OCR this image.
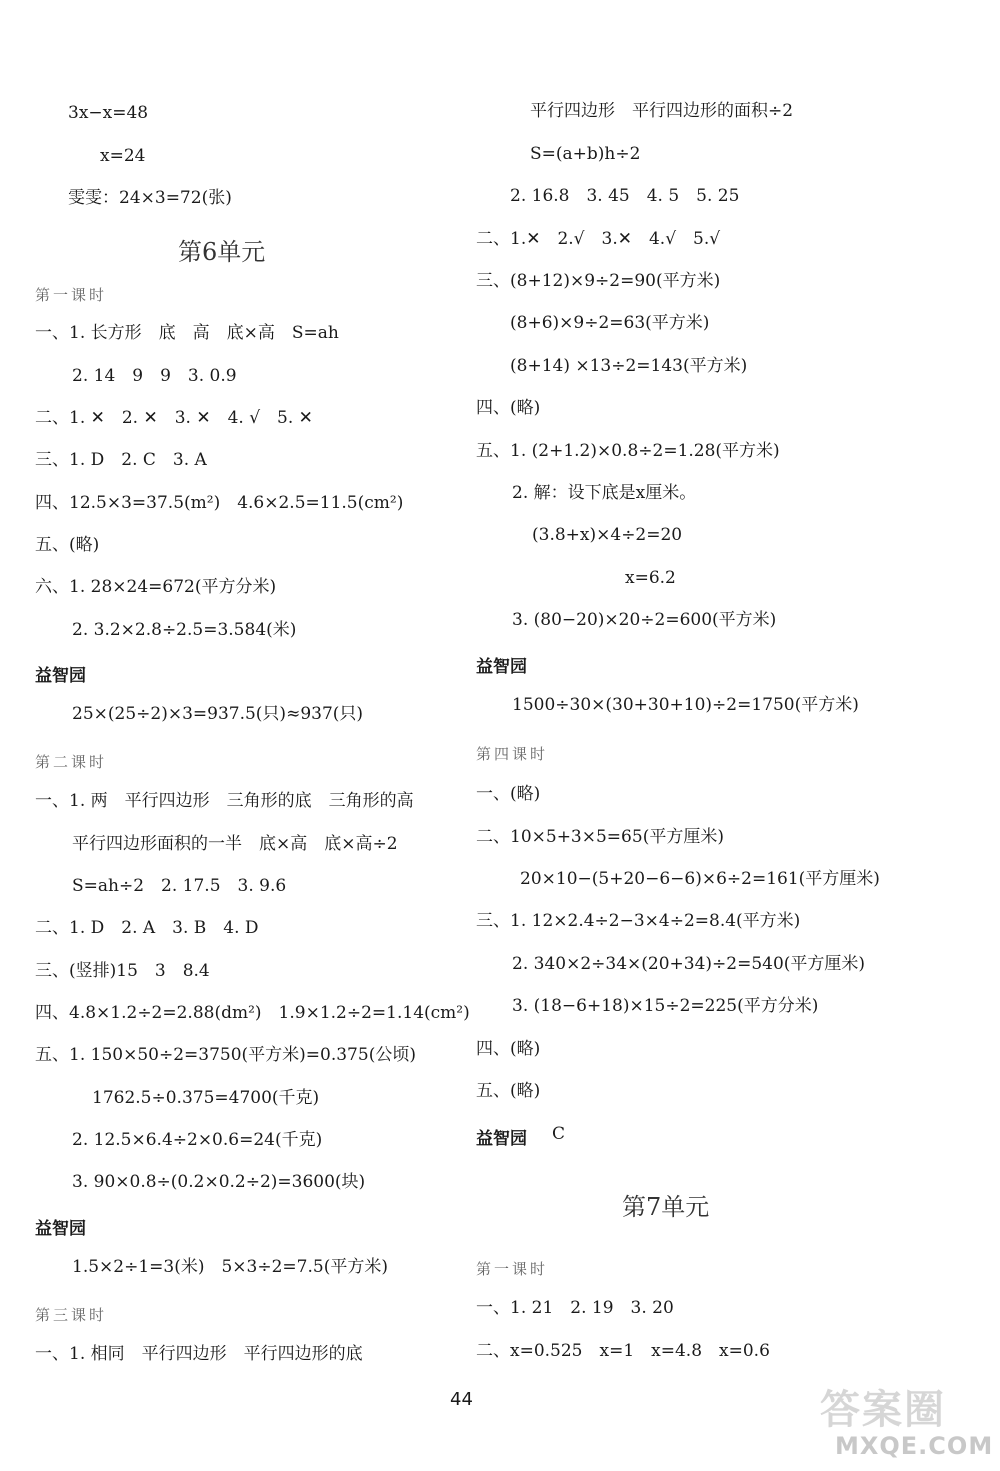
3x−x=48
x=24
雯雯：24×3=72(张)
第6单元
第一课时
一、1. 长方形　底　高　底×高　S=ah
2. 14　9　9　3. 0.9
二、1. ✕　2. ✕　3. ✕　4. √　5. ✕
三、1. D　2. C　3. A
四、12.5×3=37.5(m²)　4.6×2.5=11.5(cm²)
五、(略)
六、1. 28×24=672(平方分米)
2. 3.2×2.8÷2.5=3.584(米)
益智园
25×(25÷2)×3=937.5(只)≈937(只)
第二课时
一、1. 两　平行四边形　三角形的底　三角形的高
平行四边形面积的一半　底×高　底×高÷2
S=ah÷2　2. 17.5　3. 9.6
二、1. D　2. A　3. B　4. D
三、(竖排)15　3　8.4
四、4.8×1.2÷2=2.88(dm²)　1.9×1.2÷2=1.14(cm²)
五、1. 150×50÷2=3750(平方米)=0.375(公顷)
1762.5÷0.375=4700(千克)
2. 12.5×6.4÷2×0.6=24(千克)
3. 90×0.8÷(0.2×0.2÷2)=3600(块)
益智园
1.5×2÷1=3(米)　5×3÷2=7.5(平方米)
第三课时
一、1. 相同　平行四边形　平行四边形的底
平行四边形　平行四边形的面积÷2
S=(a+b)h÷2
2. 16.8　3. 45　4. 5　5. 25
二、1.✕　2.√　3.✕　4.√　5.√
三、(8+12)×9÷2=90(平方米)
(8+6)×9÷2=63(平方米)
(8+14) ×13÷2=143(平方米)
四、(略)
五、1. (2+1.2)×0.8÷2=1.28(平方米)
2. 解：设下底是x厘米。
(3.8+x)×4÷2=20
x=6.2
3. (80−20)×20÷2=600(平方米)
益智园
1500÷30×(30+30+10)÷2=1750(平方米)
第四课时
一、(略)
二、10×5+3×5=65(平方厘米)
20×10−(5+20−6−6)×6÷2=161(平方厘米)
三、1. 12×2.4÷2−3×4÷2=8.4(平方米)
2. 340×2÷34×(20+34)÷2=540(平方厘米)
3. (18−6+18)×15÷2=225(平方分米)
四、(略)
五、(略)
益智园 C
第7单元
第一课时
一、1. 21　2. 19　3. 20
二、x=0.525　x=1　x=4.8　x=0.6
44	答案圈
MXQE.COM
